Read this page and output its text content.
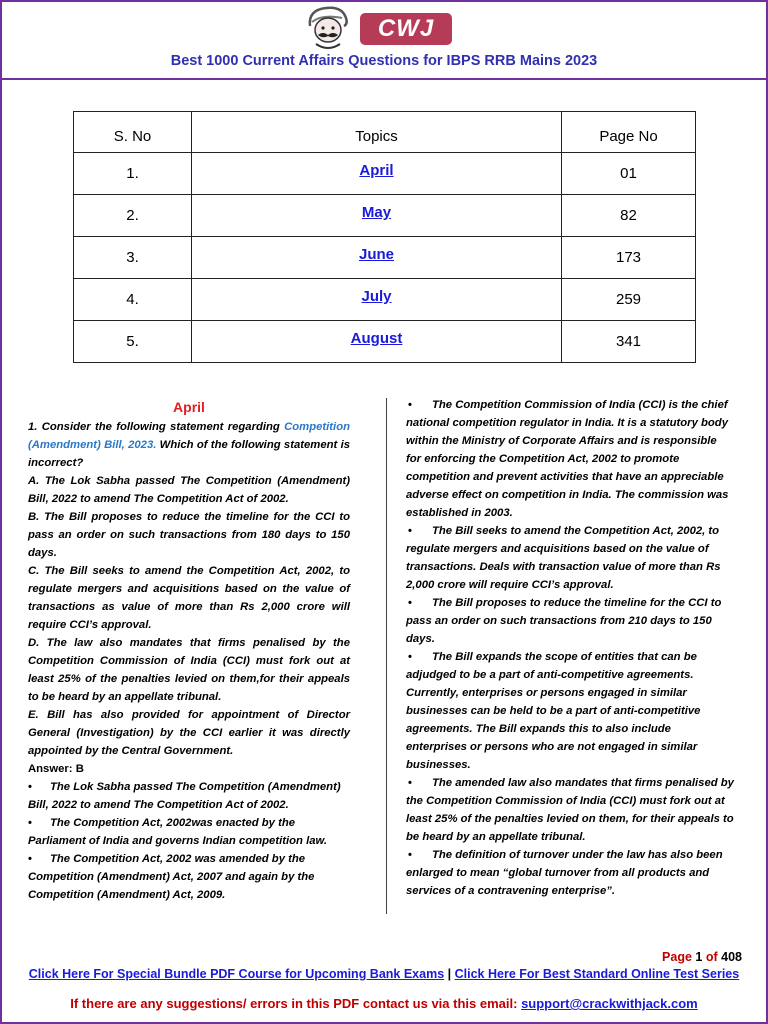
CWJ
Best 1000 Current Affairs Questions for IBPS RRB Mains 2023
S. No	Topics	Page No
1.	April	01
2.	May	82
3.	June	173
4.	July	259
5.	August	341
April
1. Consider the following statement regarding Competition (Amendment) Bill, 2023. Which of the following statement is incorrect?
A. The Lok Sabha passed The Competition (Amendment) Bill, 2022 to amend The Competition Act of 2002.
B. The Bill proposes to reduce the timeline for the CCI to pass an order on such transactions from 180 days to 150 days.
C. The Bill seeks to amend the Competition Act, 2002, to regulate mergers and acquisitions based on the value of transactions as value of more than Rs 2,000 crore will require CCI’s approval.
D. The law also mandates that firms penalised by the Competition Commission of India (CCI) must fork out at least 25% of the penalties levied on them,for their appeals to be heard by an appellate tribunal.
E. Bill has also provided for appointment of Director General (Investigation) by the CCI earlier it was directly appointed by the Central Government.
Answer: B
• The Lok Sabha passed The Competition (Amendment) Bill, 2022 to amend The Competition Act of 2002.
• The Competition Act, 2002was enacted by the Parliament of India and governs Indian competition law.
• The Competition Act, 2002 was amended by the Competition (Amendment) Act, 2007 and again by the Competition (Amendment) Act, 2009.
• The Competition Commission of India (CCI) is the chief national competition regulator in India. It is a statutory body within the Ministry of Corporate Affairs and is responsible for enforcing the Competition Act, 2002 to promote competition and prevent activities that have an appreciable adverse effect on competition in India. The commission was established in 2003.
• The Bill seeks to amend the Competition Act, 2002, to regulate mergers and acquisitions based on the value of transactions. Deals with transaction value of more than Rs 2,000 crore will require CCI’s approval.
• The Bill proposes to reduce the timeline for the CCI to pass an order on such transactions from 210 days to 150 days.
• The Bill expands the scope of entities that can be adjudged to be a part of anti-competitive agreements. Currently, enterprises or persons engaged in similar businesses can be held to be a part of anti-competitive agreements. The Bill expands this to also include enterprises or persons who are not engaged in similar businesses.
• The amended law also mandates that firms penalised by the Competition Commission of India (CCI) must fork out at least 25% of the penalties levied on them, for their appeals to be heard by an appellate tribunal.
• The definition of turnover under the law has also been enlarged to mean “global turnover from all products and services of a contravening enterprise”.
Page 1 of 408
Click Here For Special Bundle PDF Course for Upcoming Bank Exams | Click Here For Best Standard Online Test Series
If there are any suggestions/ errors in this PDF contact us via this email: support@crackwithjack.com
